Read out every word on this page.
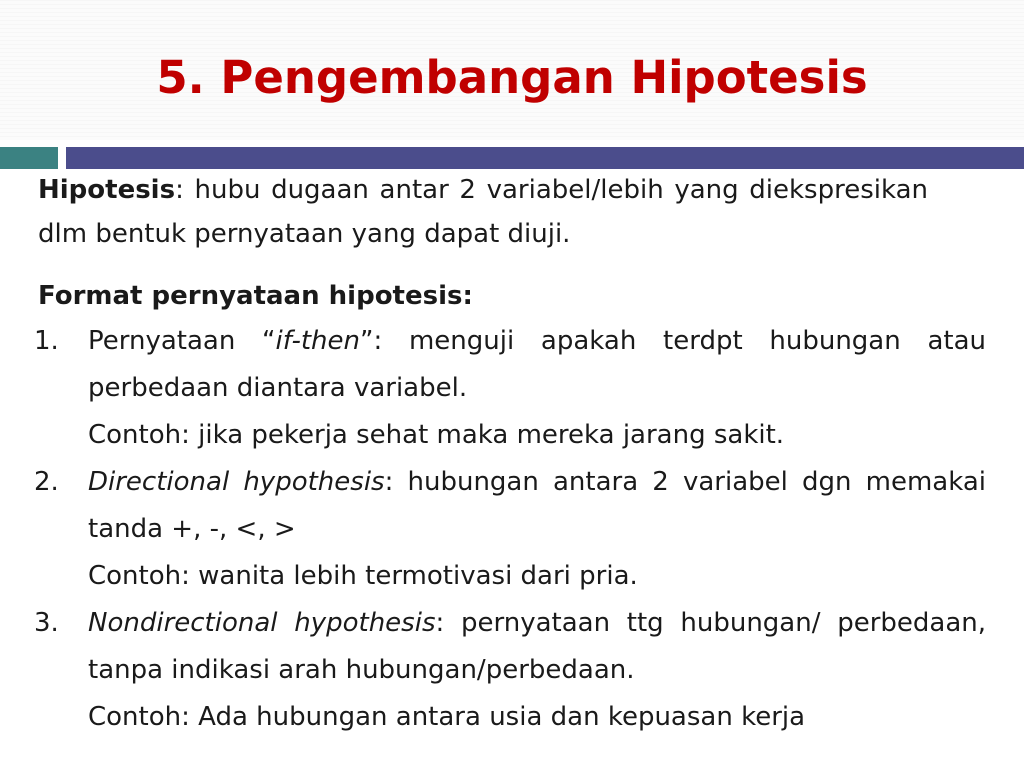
5. Pengembangan Hipotesis
Hipotesis: hubu dugaan antar 2 variabel/lebih yang diekspresikan dlm bentuk pernyataan yang dapat diuji.
Format pernyataan hipotesis:
1. Pernyataan “if-then”: menguji apakah terdpt hubungan atau perbedaan diantara variabel.
Contoh: jika pekerja sehat maka mereka jarang sakit.
2. Directional hypothesis: hubungan antara 2 variabel dgn memakai tanda +, -, <, >
Contoh: wanita lebih termotivasi dari pria.
3. Nondirectional hypothesis: pernyataan ttg hubungan/ perbedaan, tanpa indikasi arah hubungan/perbedaan.
Contoh: Ada hubungan antara usia dan kepuasan kerja
